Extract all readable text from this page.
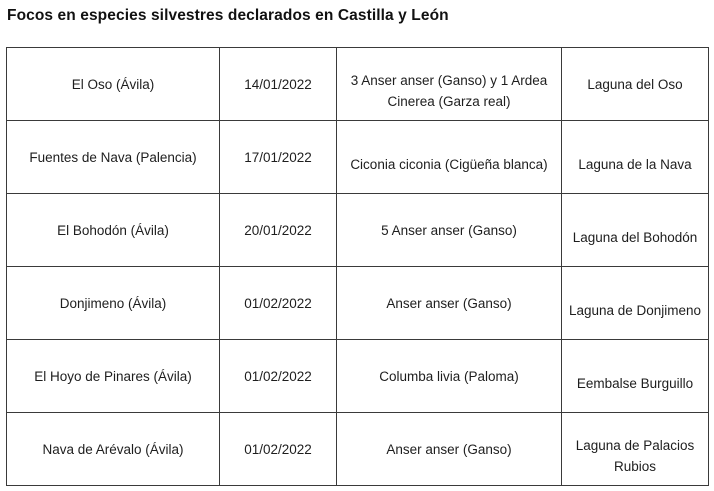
Focos en especies silvestres declarados en Castilla y León
El Oso (Ávila)	14/01/2022	3 Anser anser (Ganso) y 1 Ardea Cinerea (Garza real)	Laguna del Oso
Fuentes de Nava (Palencia)	17/01/2022	Ciconia ciconia (Cigüeña blanca)	Laguna de la Nava

El Bohodón (Ávila)	20/01/2022	5 Anser anser (Ganso)	Laguna del Bohodón

Donjimeno (Ávila)	01/02/2022	Anser anser (Ganso)	Laguna de Donjimeno

El Hoyo de Pinares (Ávila)	01/02/2022	Columba livia (Paloma)	Eembalse Burguillo

Nava de Arévalo (Ávila)	01/02/2022	Anser anser (Ganso)	Laguna de Palacios Rubios
